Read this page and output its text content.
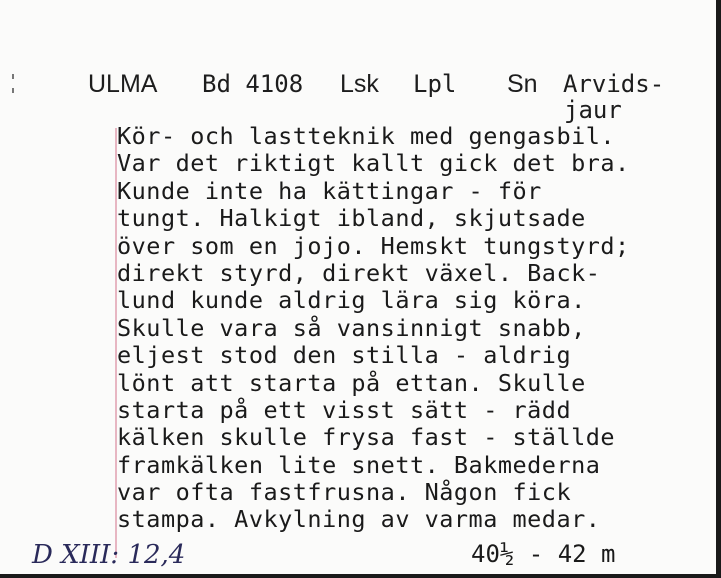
ULMA Bd 4108 Lsk Lpl Sn Arvids-
jaur
Kör- och lastteknik med gengasbil.
Var det riktigt kallt gick det bra.
Kunde inte ha kättingar - för
tungt. Halkigt ibland, skjutsade
över som en jojo. Hemskt tungstyrd;
direkt styrd, direkt växel. Back-
lund kunde aldrig lära sig köra.
Skulle vara så vansinnigt snabb,
eljest stod den stilla - aldrig
lönt att starta på ettan. Skulle
starta på ett visst sätt - rädd
kälken skulle frysa fast - ställde
framkälken lite snett. Bakmederna
var ofta fastfrusna. Någon fick
stampa. Avkylning av varma medar.
D XIII: 12,4	40½ - 42 m
